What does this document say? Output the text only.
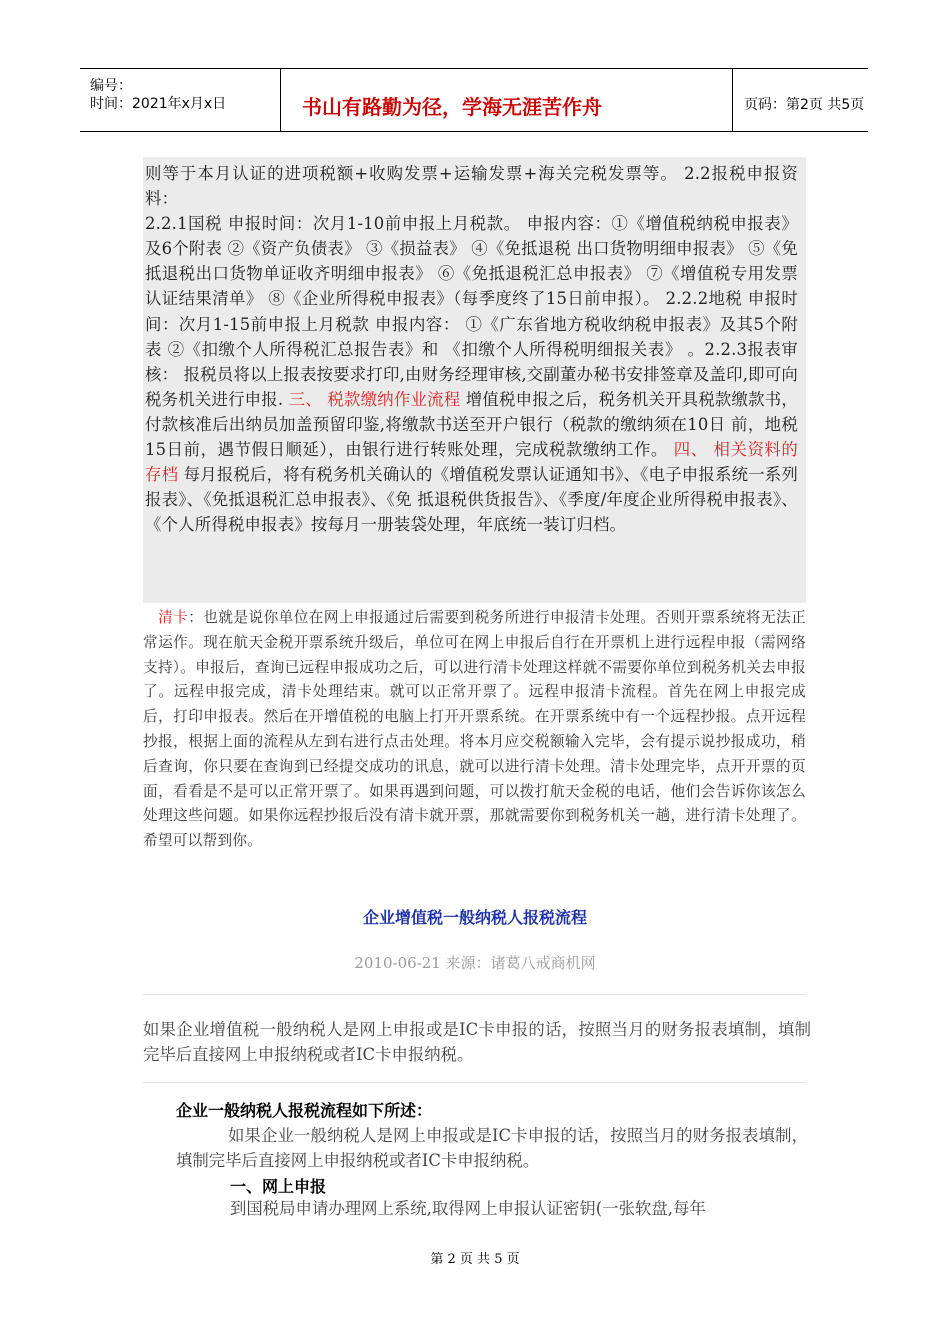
编号：
时间：2021年x月x日	书山有路勤为径，学海无涯苦作舟	页码：第2页 共5页

则等于本月认证的进项税额+收购发票+运输发票+海关完税发票等。 2.2报税申报资料：
2.2.1国税 申报时间：次月1-10前申报上月税款。 申报内容：①《增值税纳税申报表》及6个附表 ②《资产负债表》 ③《损益表》 ④《免抵退税 出口货物明细申报表》 ⑤《免抵退税出口货物单证收齐明细申报表》 ⑥《免抵退税汇总申报表》 ⑦《增值税专用发票认证结果清单》 ⑧《企业所得税申报表》（每季度终了15日前申报）。 2.2.2地税 申报时间：次月1-15前申报上月税款 申报内容： ①《广东省地方税收纳税申报表》及其5个附表 ②《扣缴个人所得税汇总报告表》和 《扣缴个人所得税明细报关表》 。2.2.3报表审核： 报税员将以上报表按要求打印,由财务经理审核,交副董办秘书安排签章及盖印,即可向税务机关进行申报. 三、 税款缴纳作业流程 增值税申报之后，税务机关开具税款缴款书，付款核准后出纳员加盖预留印鉴,将缴款书送至开户银行（税款的缴纳须在10日 前，地税15日前，遇节假日顺延），由银行进行转账处理，完成税款缴纳工作。 四、 相关资料的存档 每月报税后，将有税务机关确认的《增值税发票认证通知书》、《电子申报系统一系列报表》、《免抵退税汇总申报表》、《免 抵退税供货报告》、《季度/年度企业所得税申报表》、《个人所得税申报表》按每月一册装袋处理，年底统一装订归档。

 清卡：也就是说你单位在网上申报通过后需要到税务所进行申报清卡处理。否则开票系统将无法正常运作。现在航天金税开票系统升级后，单位可在网上申报后自行在开票机上进行远程申报（需网络支持）。申报后，查询已远程申报成功之后，可以进行清卡处理这样就不需要你单位到税务机关去申报了。远程申报完成，清卡处理结束。就可以正常开票了。远程申报清卡流程。首先在网上申报完成后，打印申报表。然后在开增值税的电脑上打开开票系统。在开票系统中有一个远程抄报。点开远程抄报，根据上面的流程从左到右进行点击处理。将本月应交税额输入完毕，会有提示说抄报成功，稍后查询，你只要在查询到已经提交成功的讯息，就可以进行清卡处理。清卡处理完毕，点开开票的页面，看看是不是可以正常开票了。如果再遇到问题，可以拨打航天金税的电话，他们会告诉你该怎么处理这些问题。如果你远程抄报后没有清卡就开票，那就需要你到税务机关一趟，进行清卡处理了。希望可以帮到你。

企业增值税一般纳税人报税流程
2010-06-21 来源：诸葛八戒商机网

如果企业增值税一般纳税人是网上申报或是IC卡申报的话，按照当月的财务报表填制，填制完毕后直接网上申报纳税或者IC卡申报纳税。

企业一般纳税人报税流程如下所述：

如果企业一般纳税人是网上申报或是IC卡申报的话，按照当月的财务报表填制，填制完毕后直接网上申报纳税或者IC卡申报纳税。

一、网上申报

到国税局申请办理网上系统,取得网上申报认证密钥(一张软盘,每年

第 2 页 共 5 页
